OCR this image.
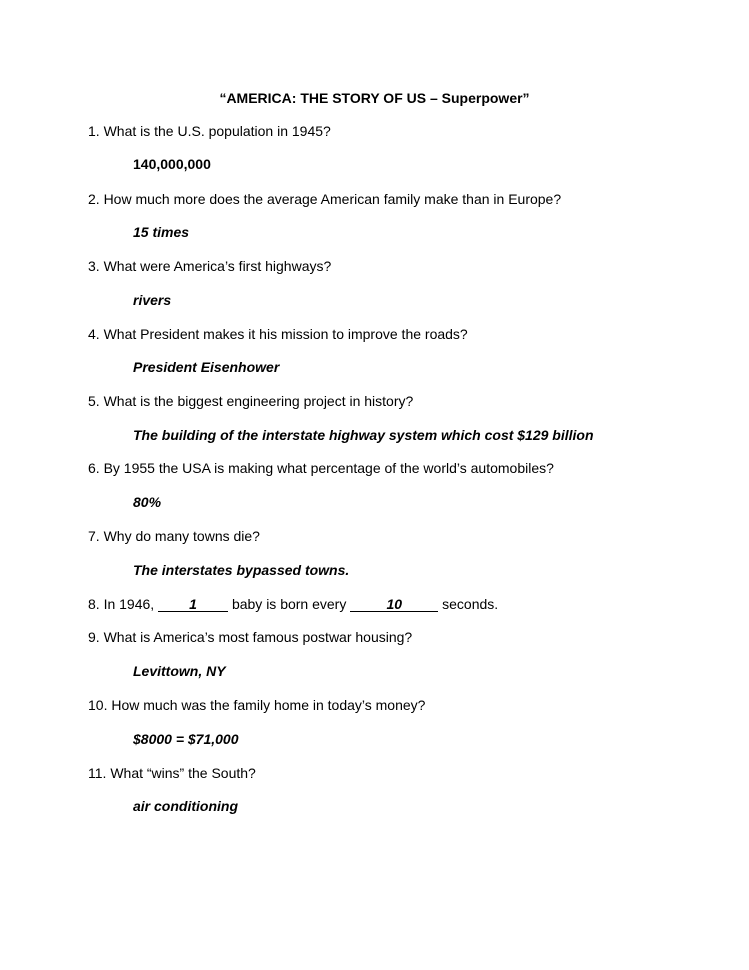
“AMERICA: THE STORY OF US – Superpower”
1. What is the U.S. population in 1945?
140,000,000
2. How much more does the average American family make than in Europe?
15 times
3. What were America’s first highways?
rivers
4. What President makes it his mission to improve the roads?
President Eisenhower
5. What is the biggest engineering project in history?
The building of the interstate highway system which cost $129 billion
6. By 1955 the USA is making what percentage of the world’s automobiles?
80%
7. Why do many towns die?
The interstates bypassed towns.
8. In 1946, 1 baby is born every	10	seconds.
9. What is America’s most famous postwar housing?
Levittown, NY
10. How much was the family home in today’s money?
$8000 = $71,000
11. What “wins” the South?
air conditioning
